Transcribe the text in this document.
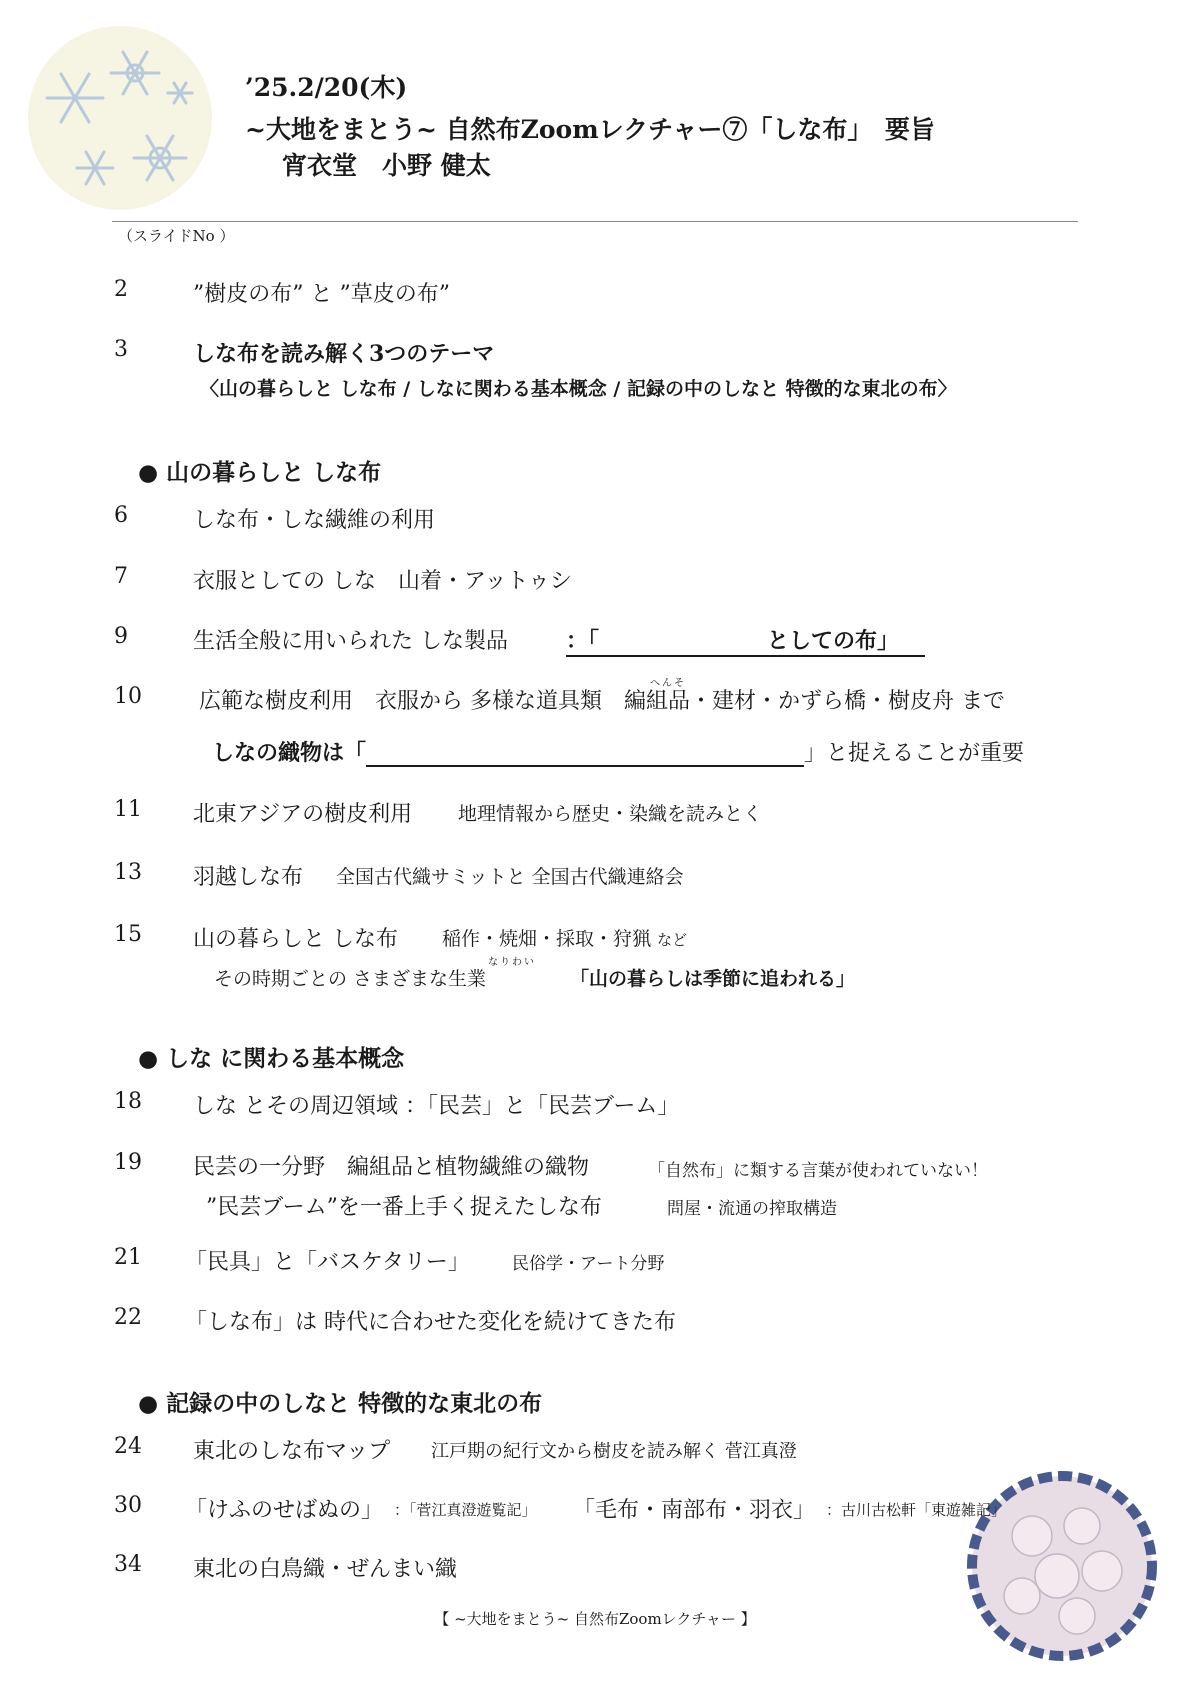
’25.2/20(木)
~大地をまとう~ 自然布Zoomレクチャー⑦「しな布」　要旨
宵衣堂　小野 健太
（スライドNo ）
2	”樹皮の布” と ”草皮の布”
3	しな布を読み解く3つのテーマ
〈山の暮らしと しな布 / しなに関わる基本概念 / 記録の中のしなと 特徴的な東北の布〉
● 山の暮らしと しな布
6	しな布・しな繊維の利用
7	衣服としての しな　山着・アットゥシ
9	生活全般に用いられた しな製品	：「	としての布」
10
へんそ
広範な樹皮利用　衣服から 多様な道具類　編組品・建材・かずら橋・樹皮舟 まで
しなの織物は「	」と捉えることが重要
11	北東アジアの樹皮利用 地理情報から歴史・染織を読みとく
13	羽越しな布 全国古代織サミットと 全国古代織連絡会
15	山の暮らしと しな布 稲作・焼畑・採取・狩猟 など
なりわい
その時期ごとの さまざまな生業	「山の暮らしは季節に追われる」
● しな に関わる基本概念
18	しな とその周辺領域 ：「民芸」と「民芸ブーム」
19	民芸の一分野　編組品と植物繊維の織物	「自然布」に類する言葉が使われていない！
”民芸ブーム”を一番上手く捉えたしな布	問屋・流通の搾取構造
21	「民具」と「バスケタリー」 民俗学・アート分野
22	「しな布」は 時代に合わせた変化を続けてきた布
● 記録の中のしなと 特徴的な東北の布
24	東北のしな布マップ 江戸期の紀行文から樹皮を読み解く 菅江真澄
30	「けふのせばぬの」 ：「菅江真澄遊覧記」 「毛布・南部布・羽衣」 ：古川古松軒「東遊雑記」
34	東北の白鳥織・ぜんまい織
【 ~大地をまとう~ 自然布Zoomレクチャー 】
